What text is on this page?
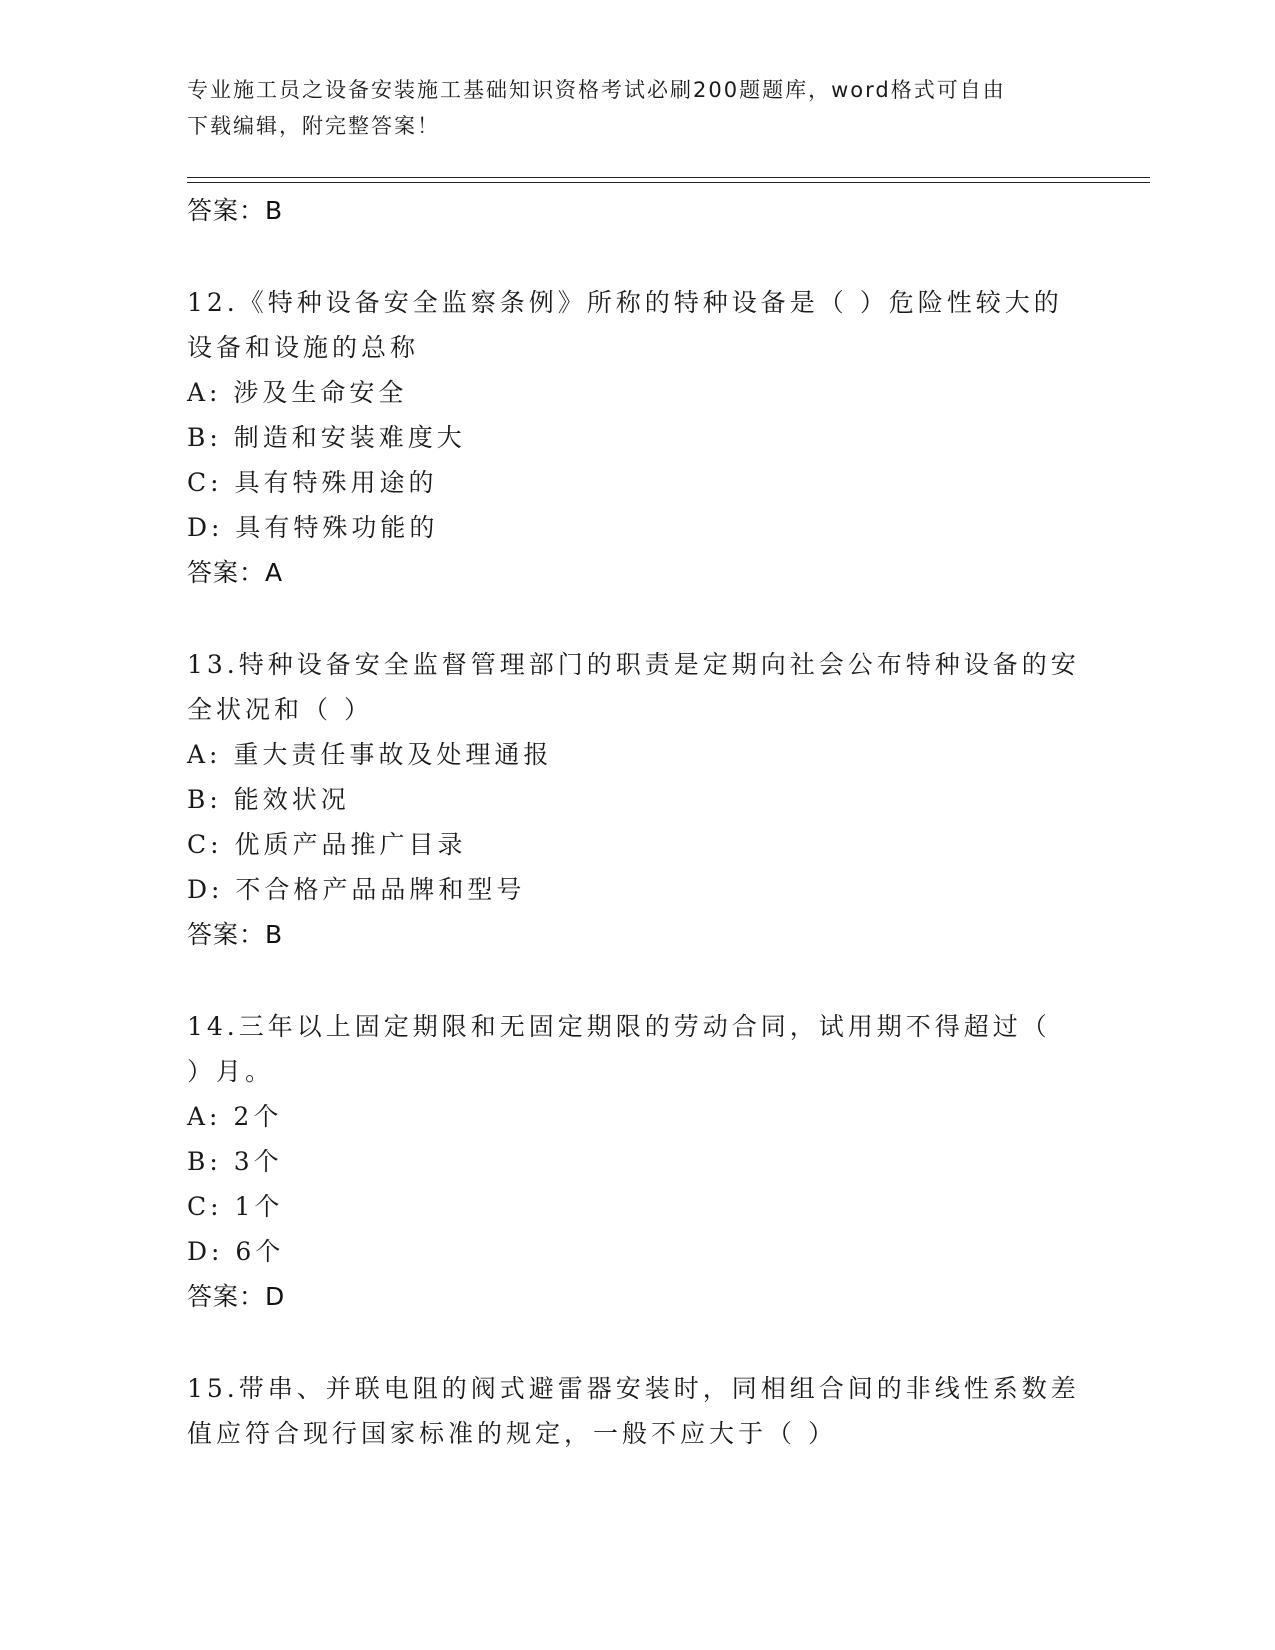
专业施工员之设备安装施工基础知识资格考试必刷200题题库，word格式可自由
下载编辑，附完整答案！
答案：B
12.《特种设备安全监察条例》所称的特种设备是（ ）危险性较大的
设备和设施的总称
A: 涉及生命安全
B: 制造和安装难度大
C: 具有特殊用途的
D: 具有特殊功能的
答案：A
13.特种设备安全监督管理部门的职责是定期向社会公布特种设备的安
全状况和（ ）
A: 重大责任事故及处理通报
B: 能效状况
C: 优质产品推广目录
D: 不合格产品品牌和型号
答案：B
14.三年以上固定期限和无固定期限的劳动合同，试用期不得超过（
）月。
A: 2个
B: 3个
C: 1个
D: 6个
答案：D
15.带串、并联电阻的阀式避雷器安装时，同相组合间的非线性系数差
值应符合现行国家标准的规定，一般不应大于（ ）
